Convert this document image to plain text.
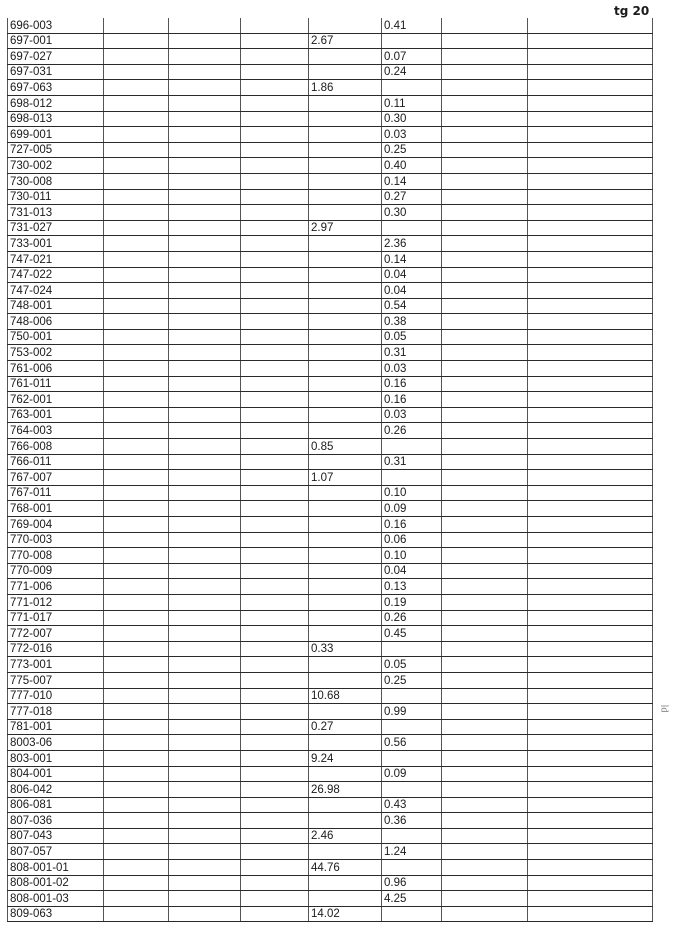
tg 20
ld
696-003					0.41		
697-001				2.67			
697-027					0.07		
697-031					0.24		
697-063				1.86			
698-012					0.11		
698-013					0.30		
699-001					0.03		
727-005					0.25		
730-002					0.40		
730-008					0.14		
730-011					0.27		
731-013					0.30		
731-027				2.97			
733-001					2.36		
747-021					0.14		
747-022					0.04		
747-024					0.04		
748-001					0.54		
748-006					0.38		
750-001					0.05		
753-002					0.31		
761-006					0.03		
761-011					0.16		
762-001					0.16		
763-001					0.03		
764-003					0.26		
766-008				0.85			
766-011					0.31		
767-007				1.07			
767-011					0.10		
768-001					0.09		
769-004					0.16		
770-003					0.06		
770-008					0.10		
770-009					0.04		
771-006					0.13		
771-012					0.19		
771-017					0.26		
772-007					0.45		
772-016				0.33			
773-001					0.05		
775-007					0.25		
777-010				10.68			
777-018					0.99		
781-001				0.27			
8003-06					0.56		
803-001				9.24			
804-001					0.09		
806-042				26.98			
806-081					0.43		
807-036					0.36		
807-043				2.46			
807-057					1.24		
808-001-01				44.76			
808-001-02					0.96		
808-001-03					4.25		
809-063				14.02			
